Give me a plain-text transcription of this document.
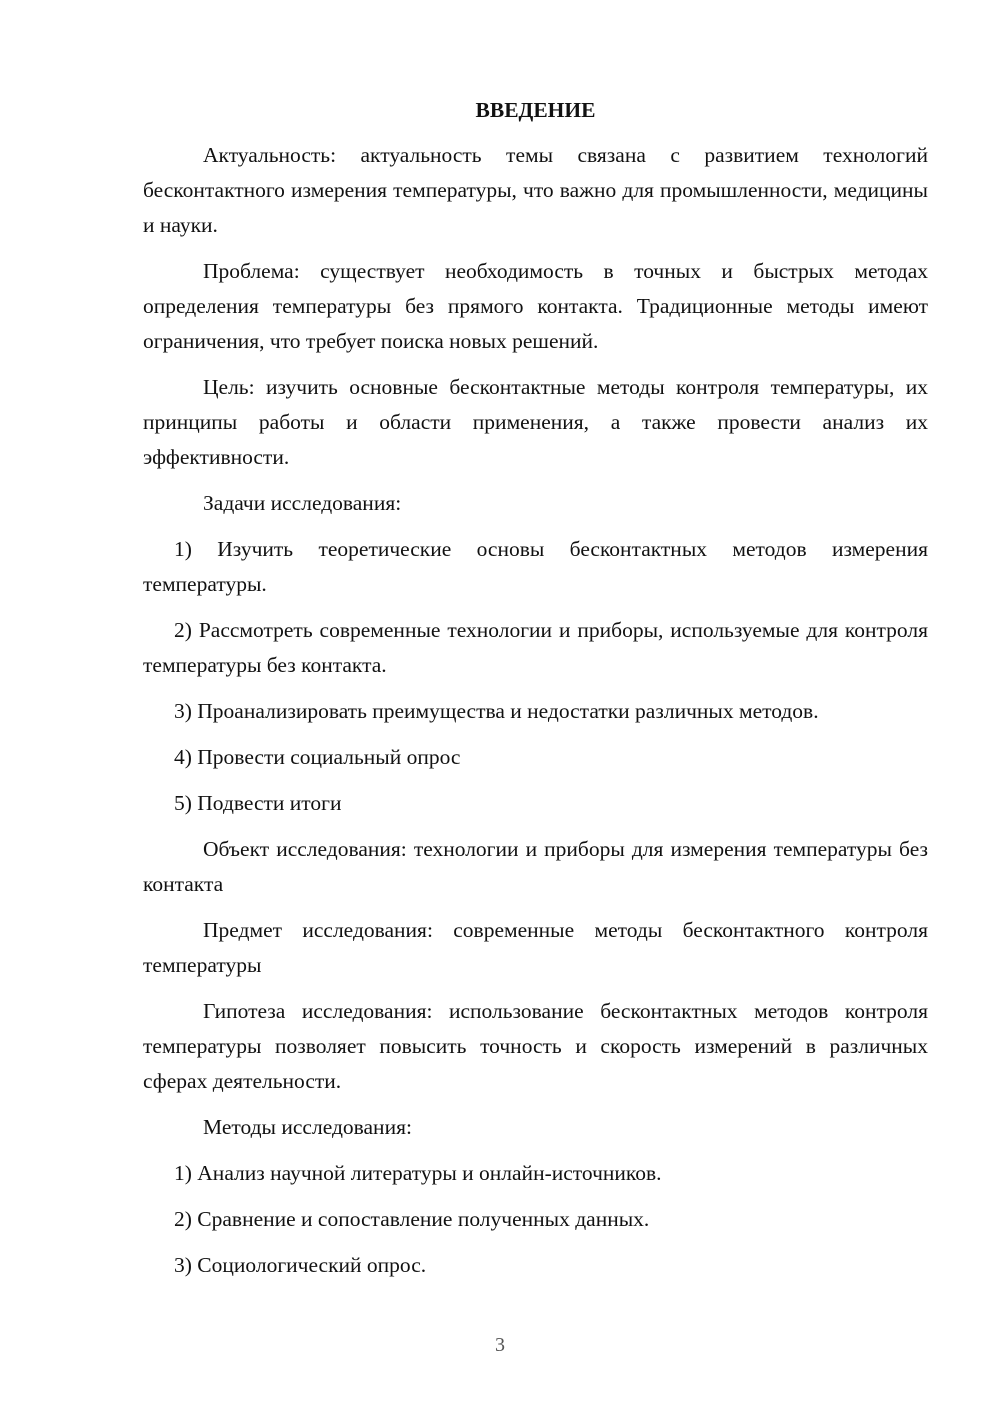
ВВЕДЕНИЕ

Актуальность: актуальность темы связана с развитием технологий бесконтактного измерения температуры, что важно для промышленности, медицины и науки.

Проблема: существует необходимость в точных и быстрых методах определения температуры без прямого контакта. Традиционные методы имеют ограничения, что требует поиска новых решений.

Цель: изучить основные бесконтактные методы контроля температуры, их принципы работы и области применения, а также провести анализ их эффективности.

Задачи исследования:

1) Изучить теоретические основы бесконтактных методов измерения температуры.

2) Рассмотреть современные технологии и приборы, используемые для контроля температуры без контакта.

3) Проанализировать преимущества и недостатки различных методов.

4) Провести социальный опрос

5) Подвести итоги

Объект исследования: технологии и приборы для измерения температуры без контакта

Предмет исследования: современные методы бесконтактного контроля температуры

Гипотеза исследования: использование бесконтактных методов контроля температуры позволяет повысить точность и скорость измерений в различных сферах деятельности.

Методы исследования:

1) Анализ научной литературы и онлайн-источников.

2) Сравнение и сопоставление полученных данных.

3) Социологический опрос.

3
